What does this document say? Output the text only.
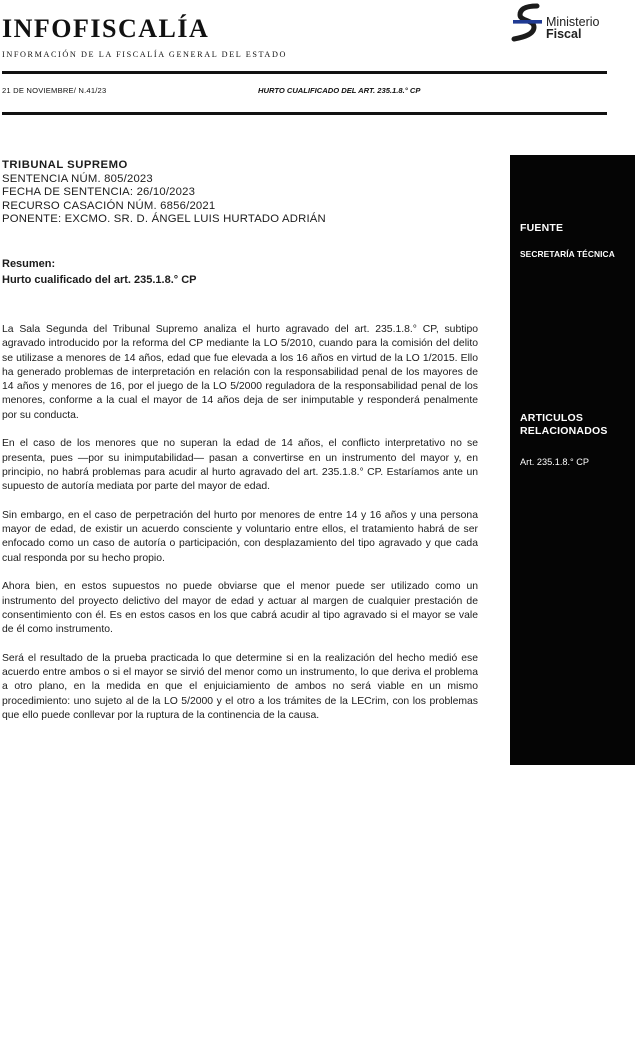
INFOFISCALÍA
INFORMACIÓN DE LA FISCALÍA GENERAL DEL ESTADO
Ministerio
Fiscal
21 DE NOVIEMBRE/ N.41/23	HURTO CUALIFICADO DEL ART. 235.1.8.° CP
TRIBUNAL SUPREMO
SENTENCIA NÚM. 805/2023
FECHA DE SENTENCIA: 26/10/2023
RECURSO CASACIÓN NÚM. 6856/2021
PONENTE: EXCMO. SR. D. ÁNGEL LUIS HURTADO ADRIÁN
Resumen:
Hurto cualificado del art. 235.1.8.° CP

La Sala Segunda del Tribunal Supremo analiza el hurto agravado del art. 235.1.8.° CP, subtipo agravado introducido por la reforma del CP mediante la LO 5/2010, cuando para la comisión del delito se utilizase a menores de 14 años, edad que fue elevada a los 16 años en virtud de la LO 1/2015. Ello ha generado problemas de interpretación en relación con la responsabilidad penal de los mayores de 14 años y menores de 16, por el juego de la LO 5/2000 reguladora de la responsabilidad penal de los menores, conforme a la cual el mayor de 14 años deja de ser inimputable y responderá penalmente por su conducta.

En el caso de los menores que no superan la edad de 14 años, el conflicto interpretativo no se presenta, pues —por su inimputabilidad— pasan a convertirse en un instrumento del mayor y, en principio, no habrá problemas para acudir al hurto agravado del art. 235.1.8.° CP. Estaríamos ante un supuesto de autoría mediata por parte del mayor de edad.

Sin embargo, en el caso de perpetración del hurto por menores de entre 14 y 16 años y una persona mayor de edad, de existir un acuerdo consciente y voluntario entre ellos, el tratamiento habrá de ser enfocado como un caso de autoría o participación, con desplazamiento del tipo agravado y que cada cual responda por su hecho propio.

Ahora bien, en estos supuestos no puede obviarse que el menor puede ser utilizado como un instrumento del proyecto delictivo del mayor de edad y actuar al margen de cualquier prestación de consentimiento con él. Es en estos casos en los que cabrá acudir al tipo agravado si el mayor se vale de él como instrumento.

Será el resultado de la prueba practicada lo que determine si en la realización del hecho medió ese acuerdo entre ambos o si el mayor se sirvió del menor como un instrumento, lo que deriva el problema a otro plano, en la medida en que el enjuiciamiento de ambos no será viable en un mismo procedimiento: uno sujeto al de la LO 5/2000 y el otro a los trámites de la LECrim, con los problemas que ello puede conllevar por la ruptura de la continencia de la causa.

FUENTE
SECRETARÍA TÉCNICA
ARTICULOS
RELACIONADOS
Art. 235.1.8.° CP
